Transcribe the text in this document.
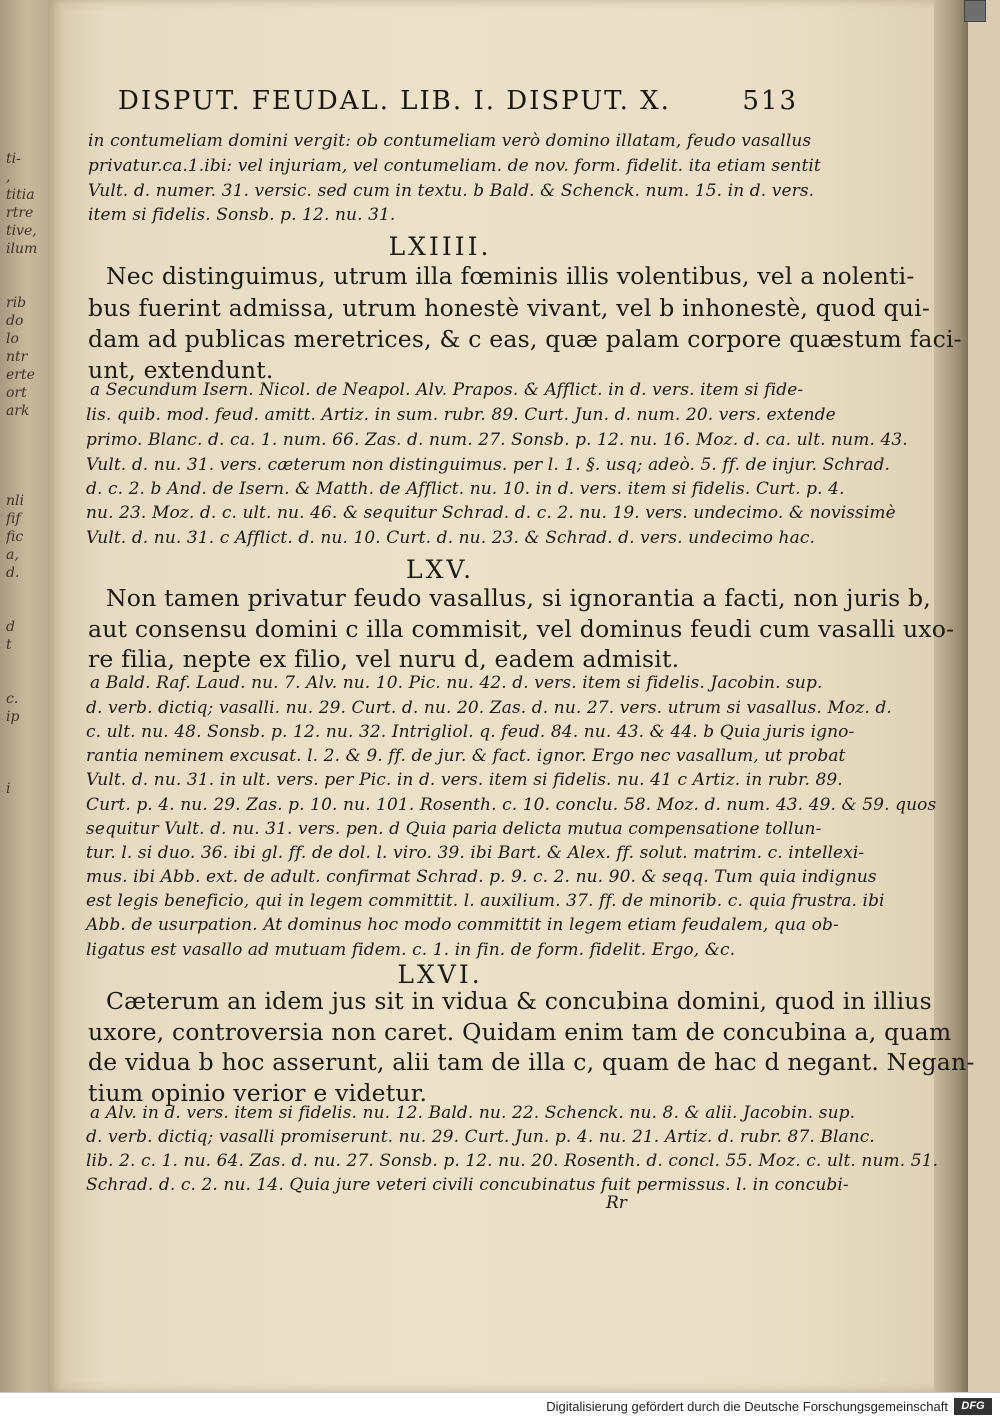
ti-
,
titia
rtre
tive,
ilum
rib
do
lo
ntr
erte
ort
ark
nli
fif
fic
a,
d.
d
t
c.
ip
i
DISPUT. FEUDAL. LIB. I. DISPUT. X.	513
in contumeliam domini vergit: ob contumeliam verò domino illatam, feudo vasallus
privatur.ca.1.ibi: vel injuriam, vel contumeliam. de nov. form. fidelit. ita etiam sentit
Vult. d. numer. 31. versic. sed cum in textu. b Bald. & Schenck. num. 15. in d. vers.
item si fidelis. Sonsb. p. 12. nu. 31.
LXIIII.
Nec distinguimus, utrum illa fœminis illis volentibus, vel a nolenti-
bus fuerint admissa, utrum honestè vivant, vel b inhonestè, quod qui-
dam ad publicas meretrices, & c eas, quæ palam corpore quæstum faci-
unt, extendunt.
a Secundum Isern. Nicol. de Neapol. Alv. Prapos. & Afflict. in d. vers. item si fide-
lis. quib. mod. feud. amitt. Artiz. in sum. rubr. 89. Curt. Jun. d. num. 20. vers. extende
primo. Blanc. d. ca. 1. num. 66. Zas. d. num. 27. Sonsb. p. 12. nu. 16. Moz. d. ca. ult. num. 43.
Vult. d. nu. 31. vers. cæterum non distinguimus. per l. 1. §. usq; adeò. 5. ff. de injur. Schrad.
d. c. 2. b And. de Isern. & Matth. de Afflict. nu. 10. in d. vers. item si fidelis. Curt. p. 4.
nu. 23. Moz. d. c. ult. nu. 46. & sequitur Schrad. d. c. 2. nu. 19. vers. undecimo. & novissimè
Vult. d. nu. 31. c Afflict. d. nu. 10. Curt. d. nu. 23. & Schrad. d. vers. undecimo hac.
LXV.
Non tamen privatur feudo vasallus, si ignorantia a facti, non juris b,
aut consensu domini c illa commisit, vel dominus feudi cum vasalli uxo-
re filia, nepte ex filio, vel nuru d, eadem admisit.
a Bald. Raf. Laud. nu. 7. Alv. nu. 10. Pic. nu. 42. d. vers. item si fidelis. Jacobin. sup.
d. verb. dictiq; vasalli. nu. 29. Curt. d. nu. 20. Zas. d. nu. 27. vers. utrum si vasallus. Moz. d.
c. ult. nu. 48. Sonsb. p. 12. nu. 32. Intrigliol. q. feud. 84. nu. 43. & 44. b Quia juris igno-
rantia neminem excusat. l. 2. & 9. ff. de jur. & fact. ignor. Ergo nec vasallum, ut probat
Vult. d. nu. 31. in ult. vers. per Pic. in d. vers. item si fidelis. nu. 41 c Artiz. in rubr. 89.
Curt. p. 4. nu. 29. Zas. p. 10. nu. 101. Rosenth. c. 10. conclu. 58. Moz. d. num. 43. 49. & 59. quos
sequitur Vult. d. nu. 31. vers. pen. d Quia paria delicta mutua compensatione tollun-
tur. l. si duo. 36. ibi gl. ff. de dol. l. viro. 39. ibi Bart. & Alex. ff. solut. matrim. c. intellexi-
mus. ibi Abb. ext. de adult. confirmat Schrad. p. 9. c. 2. nu. 90. & seqq. Tum quia indignus
est legis beneficio, qui in legem committit. l. auxilium. 37. ff. de minorib. c. quia frustra. ibi
Abb. de usurpation. At dominus hoc modo committit in legem etiam feudalem, qua ob-
ligatus est vasallo ad mutuam fidem. c. 1. in fin. de form. fidelit. Ergo, &c.
LXVI.
Cæterum an idem jus sit in vidua & concubina domini, quod in illius
uxore, controversia non caret. Quidam enim tam de concubina a, quam
de vidua b hoc asserunt, alii tam de illa c, quam de hac d negant. Negan-
tium opinio verior e videtur.
a Alv. in d. vers. item si fidelis. nu. 12. Bald. nu. 22. Schenck. nu. 8. & alii. Jacobin. sup.
d. verb. dictiq; vasalli promiserunt. nu. 29. Curt. Jun. p. 4. nu. 21. Artiz. d. rubr. 87. Blanc.
lib. 2. c. 1. nu. 64. Zas. d. nu. 27. Sonsb. p. 12. nu. 20. Rosenth. d. concl. 55. Moz. c. ult. num. 51.
Schrad. d. c. 2. nu. 14. Quia jure veteri civili concubinatus fuit permissus. l. in concubi-
Rr
Digitalisierung gefördert durch die Deutsche Forschungsgemeinschaft	DFG
